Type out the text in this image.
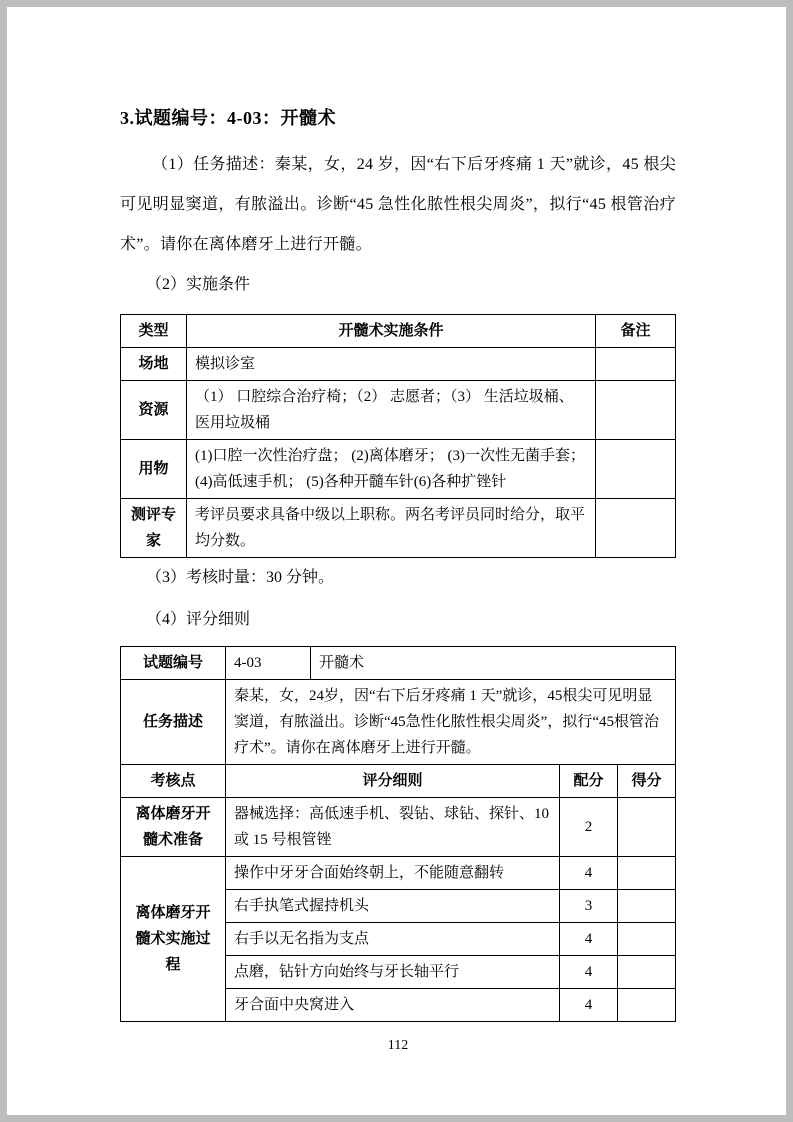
3.试题编号：4-03：开髓术

（1）任务描述：秦某，女，24 岁，因“右下后牙疼痛 1 天”就诊，45 根尖可见明显窦道，有脓溢出。诊断“45 急性化脓性根尖周炎”，拟行“45 根管治疗术”。请你在离体磨牙上进行开髓。

（2）实施条件

类型	开髓术实施条件	备注
场地	模拟诊室	
资源	（1） 口腔综合治疗椅；（2） 志愿者；（3） 生活垃圾桶、医用垃圾桶	
用物	(1)口腔一次性治疗盘； (2)离体磨牙； (3)一次性无菌手套； (4)高低速手机； (5)各种开髓车针(6)各种扩锉针	
测评专家	考评员要求具备中级以上职称。两名考评员同时给分，取平均分数。	

（3）考核时量：30 分钟。

（4）评分细则

试题编号	4-03	开髓术		
任务描述	秦某，女，24岁，因“右下后牙疼痛 1 天”就诊，45根尖可见明显窦道，有脓溢出。诊断“45急性化脓性根尖周炎”，拟行“45根管治疗术”。请你在离体磨牙上进行开髓。			
考核点	评分细则		配分	得分
离体磨牙开髓术准备	器械选择：高低速手机、裂钻、球钻、探针、10 或 15 号根管锉		2	
离体磨牙开髓术实施过程	操作中牙牙合面始终朝上，不能随意翻转		4	
	右手执笔式握持机头		3	
	右手以无名指为支点		4	
	点磨，钻针方向始终与牙长轴平行		4	
	牙合面中央窝进入		4	
112
